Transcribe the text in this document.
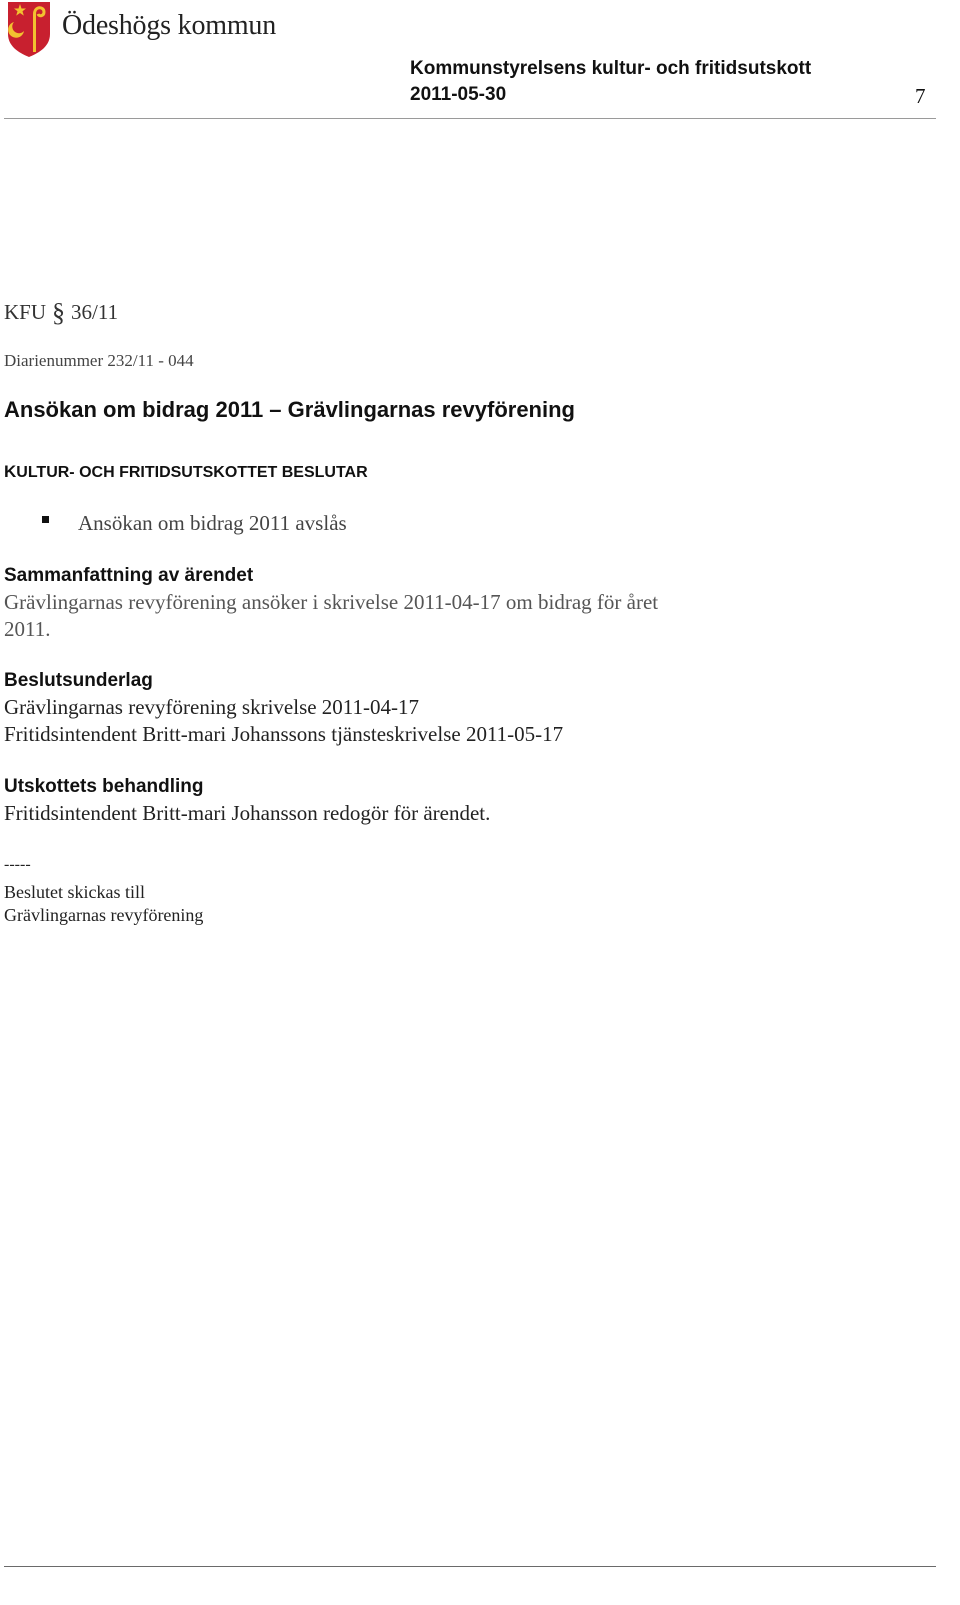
Ödeshögs kommun
Kommunstyrelsens kultur- och fritidsutskott
2011-05-30	7
KFU § 36/11
Diarienummer 232/11 - 044
Ansökan om bidrag 2011 – Grävlingarnas revyförening
KULTUR- OCH FRITIDSUTSKOTTET BESLUTAR
Ansökan om bidrag 2011 avslås
Sammanfattning av ärendet
Grävlingarnas revyförening ansöker i skrivelse 2011-04-17 om bidrag för året
2011.
Beslutsunderlag
Grävlingarnas revyförening skrivelse 2011-04-17
Fritidsintendent Britt-mari Johanssons tjänsteskrivelse 2011-05-17
Utskottets behandling
Fritidsintendent Britt-mari Johansson redogör för ärendet.
-----
Beslutet skickas till
Grävlingarnas revyförening
